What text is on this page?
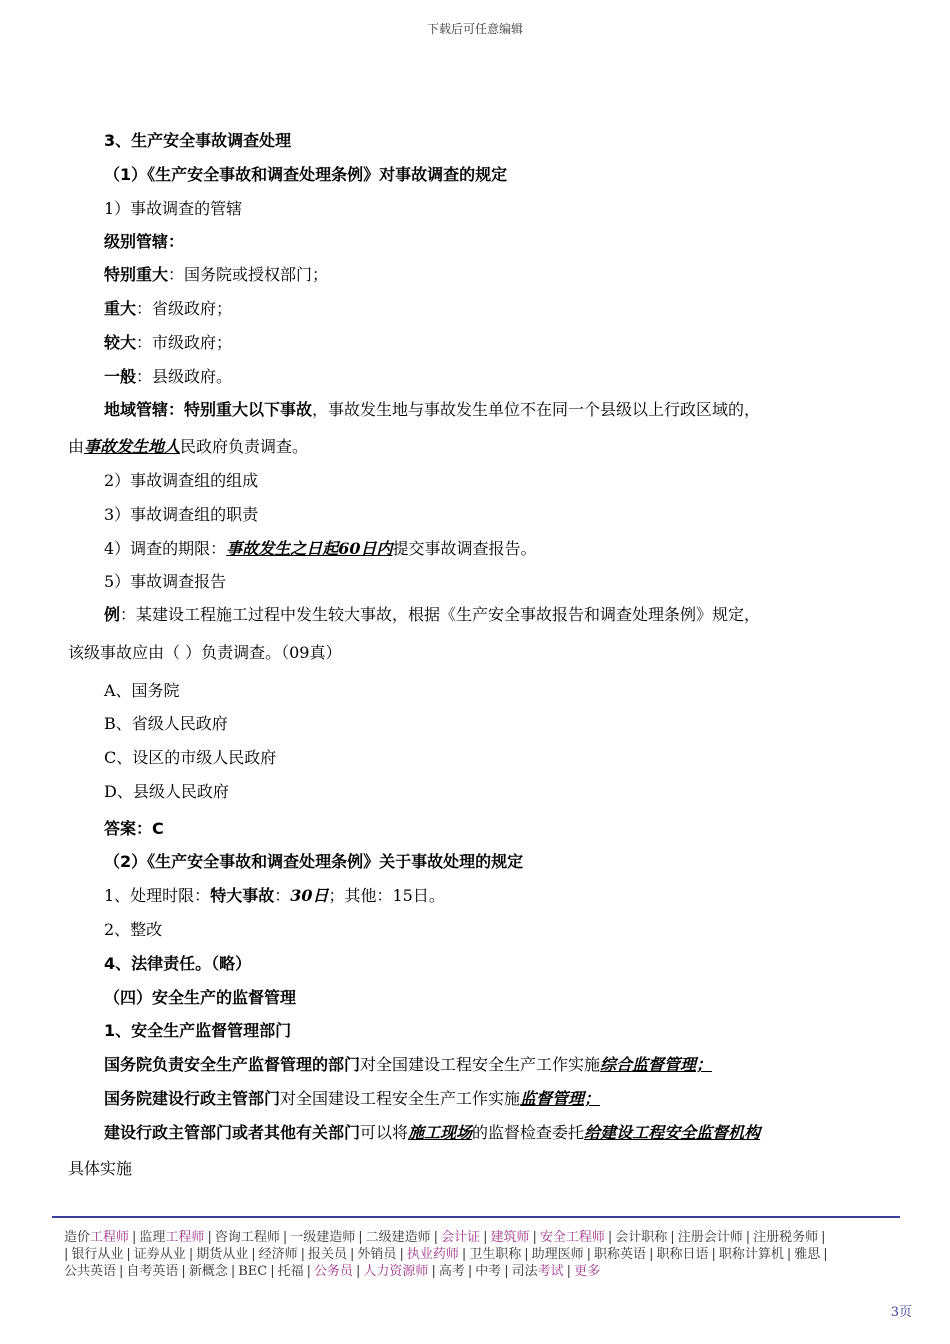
下载后可任意编辑
3、生产安全事故调查处理
（1）《生产安全事故和调查处理条例》对事故调查的规定
1）事故调查的管辖
级别管辖：
特别重大：国务院或授权部门；
重大：省级政府；
较大：市级政府；
一般：县级政府。
地域管辖：特别重大以下事故，事故发生地与事故发生单位不在同一个县级以上行政区域的，
由事故发生地人民政府负责调查。
2）事故调查组的组成
3）事故调查组的职责
4）调查的期限：事故发生之日起60日内提交事故调查报告。
5）事故调查报告
例：某建设工程施工过程中发生较大事故，根据《生产安全事故报告和调查处理条例》规定，
该级事故应由（ ）负责调查。（09真）
A、国务院
B、省级人民政府
C、设区的市级人民政府
D、县级人民政府
答案：C
（2）《生产安全事故和调查处理条例》关于事故处理的规定
1、处理时限：特大事故：30日；其他：15日。
2、整改
4、法律责任。（略）
（四）安全生产的监督管理
1、安全生产监督管理部门
国务院负责安全生产监督管理的部门对全国建设工程安全生产工作实施综合监督管理；
国务院建设行政主管部门对全国建设工程安全生产工作实施监督管理；
建设行政主管部门或者其他有关部门可以将施工现场的监督检查委托给建设工程安全监督机构
具体实施
造价工程师 | 监理工程师 | 咨询工程师 | 一级建造师 | 二级建造师 | 会计证 | 建筑师 | 安全工程师 | 会计职称 | 注册会计师 | 注册税务师 |
| 银行从业 | 证券从业 | 期货从业 | 经济师 | 报关员 | 外销员 | 执业药师 | 卫生职称 | 助理医师 | 职称英语 | 职称日语 | 职称计算机 | 雅思 |
公共英语 | 自考英语 | 新概念 | BEC | 托福 | 公务员 | 人力资源师 | 高考 | 中考 | 司法考试 | 更多
3页
